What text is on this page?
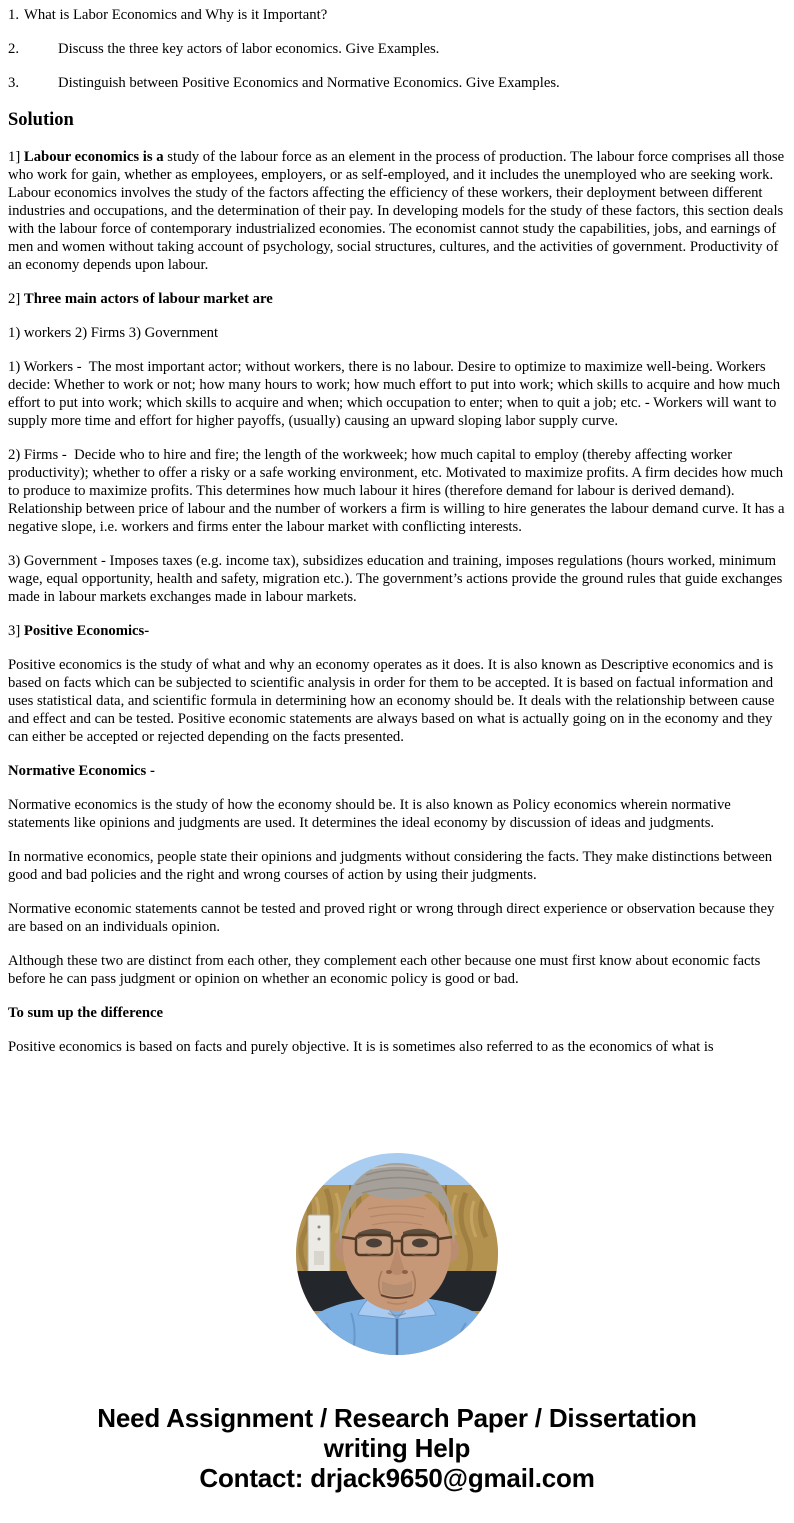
1. What is Labor Economics and Why is it Important?

2.	Discuss the three key actors of labor economics. Give Examples.

3.	Distinguish between Positive Economics and Normative Economics. Give Examples.

Solution

1] Labour economics is a study of the labour force as an element in the process of production. The labour force comprises all those who work for gain, whether as employees, employers, or as self-employed, and it includes the unemployed who are seeking work. Labour economics involves the study of the factors affecting the efficiency of these workers, their deployment between different industries and occupations, and the determination of their pay. In developing models for the study of these factors, this section deals with the labour force of contemporary industrialized economies. The economist cannot study the capabilities, jobs, and earnings of men and women without taking account of psychology, social structures, cultures, and the activities of government. Productivity of an economy depends upon labour.

2] Three main actors of labour market are

1) workers 2) Firms 3) Government

1) Workers -  The most important actor; without workers, there is no labour. Desire to optimize to maximize well-being. Workers decide: Whether to work or not; how many hours to work; how much effort to put into work; which skills to acquire and how much effort to put into work; which skills to acquire and when; which occupation to enter; when to quit a job; etc. - Workers will want to supply more time and effort for higher payoffs, (usually) causing an upward sloping labor supply curve.

2) Firms -  Decide who to hire and fire; the length of the workweek; how much capital to employ (thereby affecting worker productivity); whether to offer a risky or a safe working environment, etc. Motivated to maximize profits. A firm decides how much to produce to maximize profits. This determines how much labour it hires (therefore demand for labour is derived demand). Relationship between price of labour and the number of workers a firm is willing to hire generates the labour demand curve. It has a negative slope, i.e. workers and firms enter the labour market with conflicting interests.

3) Government - Imposes taxes (e.g. income tax), subsidizes education and training, imposes regulations (hours worked, minimum wage, equal opportunity, health and safety, migration etc.). The government’s actions provide the ground rules that guide exchanges made in labour markets exchanges made in labour markets.

3] Positive Economics-

Positive economics is the study of what and why an economy operates as it does. It is also known as Descriptive economics and is based on facts which can be subjected to scientific analysis in order for them to be accepted. It is based on factual information and uses statistical data, and scientific formula in determining how an economy should be. It deals with the relationship between cause and effect and can be tested. Positive economic statements are always based on what is actually going on in the economy and they can either be accepted or rejected depending on the facts presented.

Normative Economics -

Normative economics is the study of how the economy should be. It is also known as Policy economics wherein normative statements like opinions and judgments are used. It determines the ideal economy by discussion of ideas and judgments.

In normative economics, people state their opinions and judgments without considering the facts. They make distinctions between good and bad policies and the right and wrong courses of action by using their judgments.

Normative economic statements cannot be tested and proved right or wrong through direct experience or observation because they are based on an individuals opinion.

Although these two are distinct from each other, they complement each other because one must first know about economic facts before he can pass judgment or opinion on whether an economic policy is good or bad.

To sum up the difference

Positive economics is based on facts and purely objective. It is is sometimes also referred to as the economics of what is

Need Assignment / Research Paper / Dissertation
writing Help
Contact: drjack9650@gmail.com
